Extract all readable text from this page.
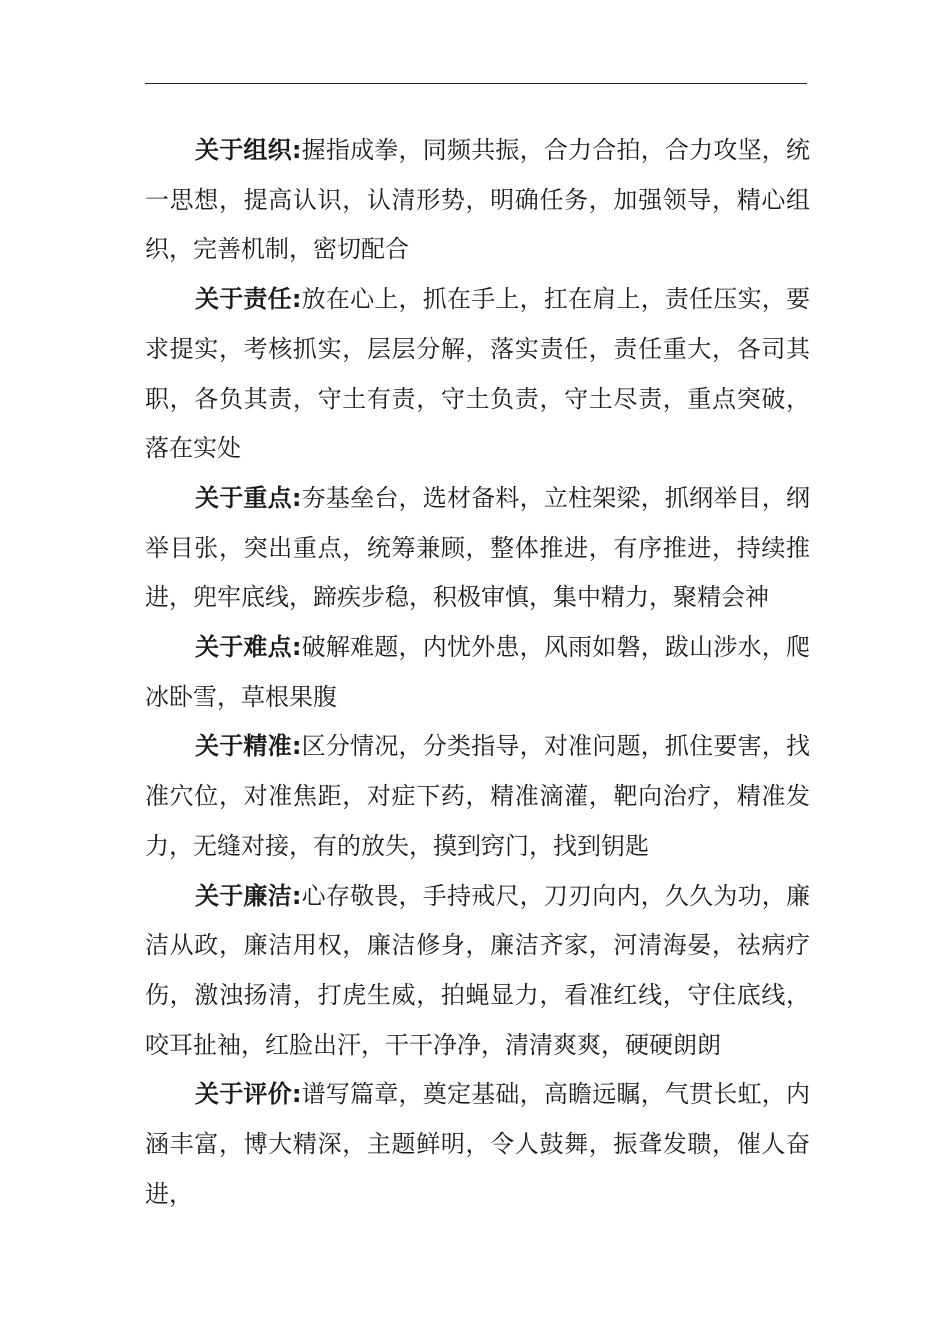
关于组织:握指成拳，同频共振，合力合拍，合力攻坚，统一思想，提高认识，认清形势，明确任务，加强领导，精心组织，完善机制，密切配合

关于责任:放在心上，抓在手上，扛在肩上，责任压实，要求提实，考核抓实，层层分解，落实责任，责任重大，各司其职，各负其责，守土有责，守土负责，守土尽责，重点突破，落在实处

关于重点:夯基垒台，选材备料，立柱架梁，抓纲举目，纲举目张，突出重点，统筹兼顾，整体推进，有序推进，持续推进，兜牢底线，蹄疾步稳，积极审慎，集中精力，聚精会神

关于难点:破解难题，内忧外患，风雨如磐，跋山涉水，爬冰卧雪，草根果腹

关于精准:区分情况，分类指导，对准问题，抓住要害，找准穴位，对准焦距，对症下药，精准滴灌，靶向治疗，精准发力，无缝对接，有的放失，摸到窍门，找到钥匙

关于廉洁:心存敬畏，手持戒尺，刀刃向内，久久为功，廉洁从政，廉洁用权，廉洁修身，廉洁齐家，河清海晏，祛病疗伤，激浊扬清，打虎生威，拍蝇显力，看准红线，守住底线，咬耳扯袖，红脸出汗，干干净净，清清爽爽，硬硬朗朗

关于评价:谱写篇章，奠定基础，高瞻远瞩，气贯长虹，内涵丰富，博大精深，主题鲜明，令人鼓舞，振聋发聩，催人奋进，
